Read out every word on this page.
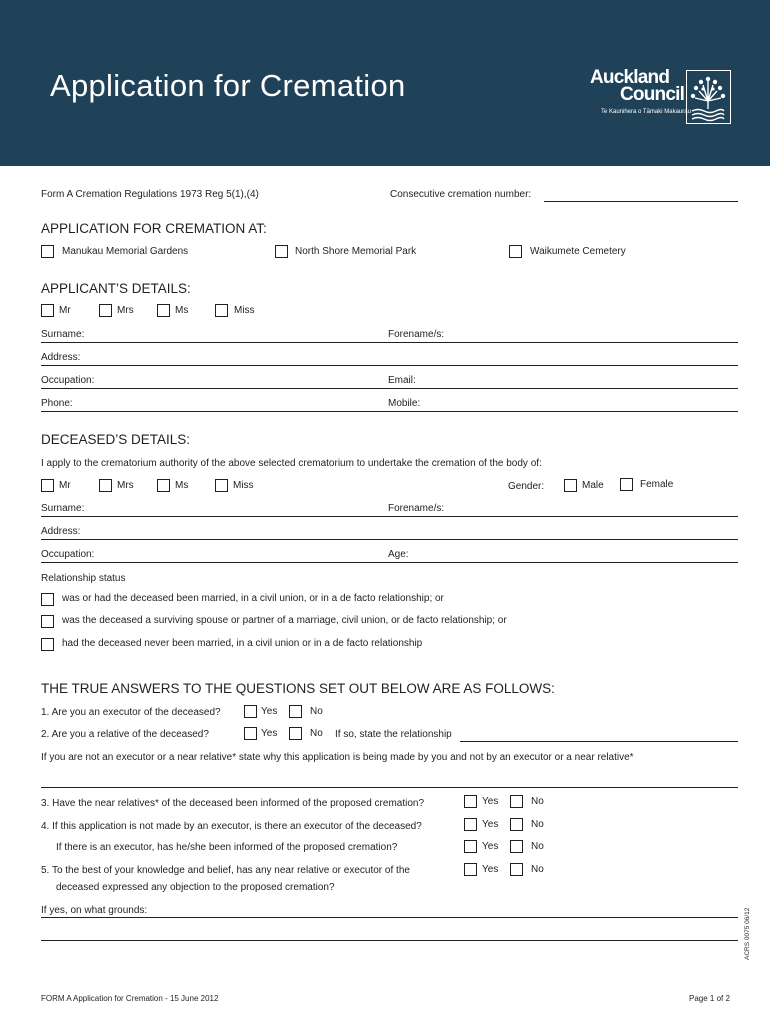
Application for Cremation	Auckland
Council
Te Kaunihera o Tāmaki Makaurau
Form A Cremation Regulations 1973 Reg 5(1),(4)	Consecutive cremation number:
APPLICATION FOR CREMATION AT:
Manukau Memorial Gardens	North Shore Memorial Park	Waikumete Cemetery
APPLICANT’S DETAILS:
Mr	Mrs	Ms	Miss
Surname:	Forename/s:
Address:
Occupation:	Email:
Phone:	Mobile:
DECEASED’S DETAILS:
I apply to the crematorium authority of the above selected crematorium to undertake the cremation of the body of:
Mr	Mrs	Ms	Miss	Gender:	Male	Female
Surname:	Forename/s:
Address:
Occupation:	Age:
Relationship status
was or had the deceased been married, in a civil union, or in a de facto relationship; or
was the deceased a surviving spouse or partner of a marriage, civil union, or de facto relationship; or
had the deceased never been married, in a civil union or in a de facto relationship
THE TRUE ANSWERS TO THE QUESTIONS SET OUT BELOW ARE AS FOLLOWS:
1. Are you an executor of the deceased?	Yes	No
2. Are you a relative of the deceased?	Yes	No If so, state the relationship
If you are not an executor or a near relative* state why this application is being made by you and not by an executor or a near relative*
3. Have the near relatives* of the deceased been informed of the proposed cremation?	Yes	No
4. If this application is not made by an executor, is there an executor of the deceased?	Yes	No
If there is an executor, has he/she been informed of the proposed cremation?	Yes	No
5. To the best of your knowledge and belief, has any near relative or executor of the
deceased expressed any objection to the proposed cremation?
Yes	No
If yes, on what grounds:	ACRS 0075 06/12
FORM A Application for Cremation - 15 June 2012	Page 1 of 2
